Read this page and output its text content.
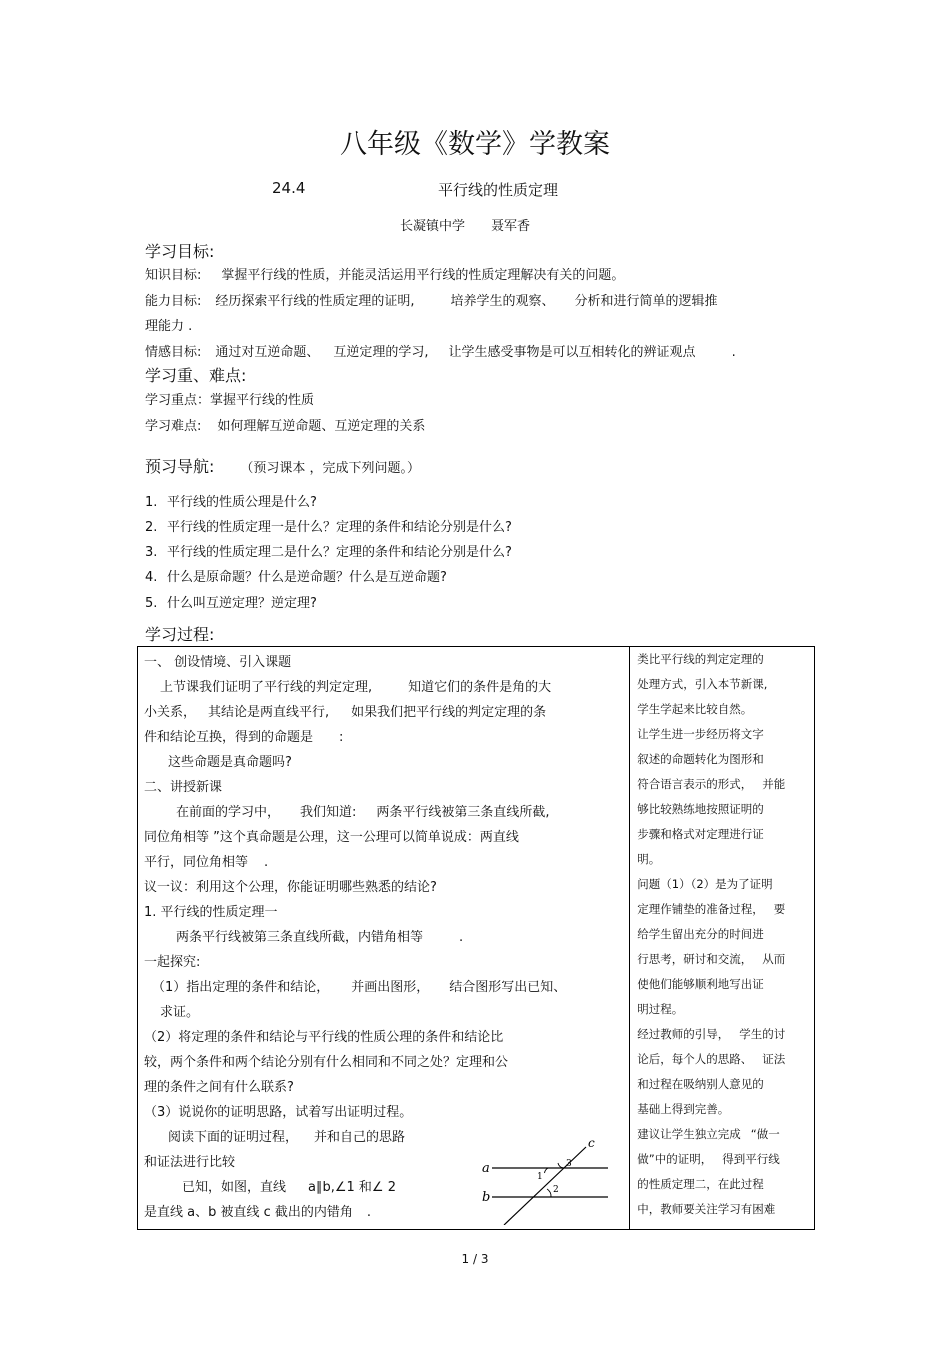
八年级《数学》学教案
24.4	平行线的性质定理
长凝镇中学 聂军香
学习目标:
知识目标: 掌握平行线的性质，并能灵活运用平行线的性质定理解决有关的问题。
能力目标: 经历探索平行线的性质定理的证明,	培养学生的观察、 分析和进行简单的逻辑推
理能力 .
情感目标: 通过对互逆命题、 互逆定理的学习, 让学生感受事物是可以互相转化的辨证观点	.
学习重、难点:
学习重点：掌握平行线的性质
学习难点: 如何理解互逆命题、互逆定理的关系
预习导航: （预习课本 ，完成下列问题。）
1. 平行线的性质公理是什么?
2. 平行线的性质定理一是什么？定理的条件和结论分别是什么?
3. 平行线的性质定理二是什么？定理的条件和结论分别是什么?
4. 什么是原命题？什么是逆命题？什么是互逆命题?
5. 什么叫互逆定理？逆定理?
学习过程:
一、 创设情境、引入课题
上节课我们证明了平行线的判定定理,	知道它们的条件是角的大
小关系， 其结论是两直线平行, 如果我们把平行线的判定定理的条
件和结论互换，得到的命题是 :
这些命题是真命题吗?
二、讲授新课
在前面的学习中， 我们知道: 两条平行线被第三条直线所截,
同位角相等 ”这个真命题是公理，这一公理可以简单说成：两直线
平行，同位角相等 .
议一议：利用这个公理，你能证明哪些熟悉的结论?
1. 平行线的性质定理一
两条平行线被第三条直线所截，内错角相等	.
一起探究:
（1）指出定理的条件和结论， 并画出图形， 结合图形写出已知、
求证。
（2）将定理的条件和结论与平行线的性质公理的条件和结论比
较，两个条件和两个结论分别有什么相同和不同之处？定理和公
理的条件之间有什么联系?
（3）说说你的证明思路，试着写出证明过程。
阅读下面的证明过程， 并和自己的思路
和证法进行比较
已知，如图，直线 a∥b,∠1 和∠ 2
是直线 a、b 被直线 c 截出的内错角 .
a
b
c
1
2
3

类比平行线的判定定理的
处理方式，引入本节新课,
学生学起来比较自然。
让学生进一步经历将文字
叙述的命题转化为图形和
符合语言表示的形式， 并能
够比较熟练地按照证明的
步骤和格式对定理进行证
明。
问题（1）（2）是为了证明
定理作铺垫的准备过程， 要
给学生留出充分的时间进
行思考，研讨和交流， 从而
使他们能够顺利地写出证
明过程。
经过教师的引导， 学生的讨
论后，每个人的思路、 证法
和过程在吸纳别人意见的
基础上得到完善。
建议让学生独立完成 “做一
做”中的证明， 得到平行线
的性质定理二，在此过程
中，教师要关注学习有困难
1 / 3
